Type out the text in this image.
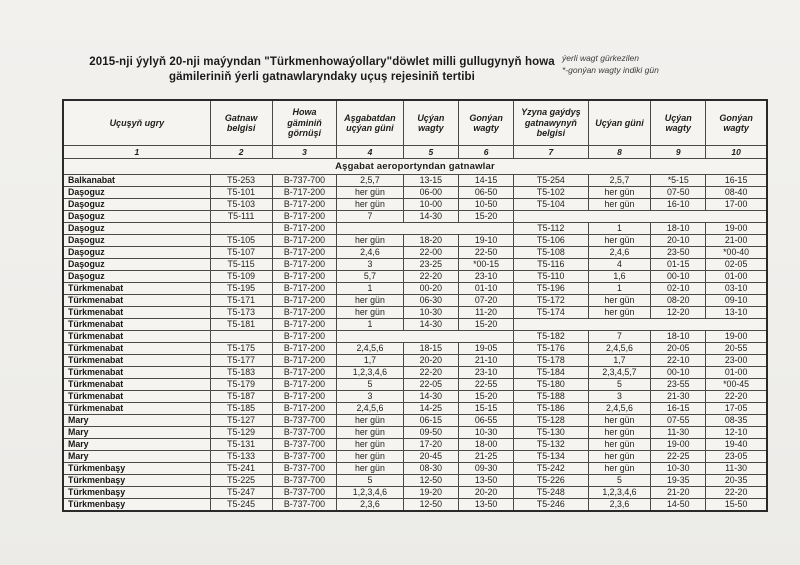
2015-nji ýylyň 20-nji maýyndan "Türkmenhowaýollary"döwlet milli gullugynyň howa
gämileriniň ýerli gatnawlaryndaky uçuş rejesiniň tertibi
ýerli wagt gürkezilen
*-gonýan wagty indiki gün
Uçuşyň ugry	Gatnaw belgisi	Howa gäminiň görnüşi	Aşgabatdan uçýan güni	Uçýan wagty	Gonýan wagty	Yzyna gaýdyş gatnawynyň belgisi	Uçýan güni	Uçýan wagty	Gonýan wagty
1	2	3	4	5	6	7	8	9	10
Aşgabat aeroportyndan gatnawlar									
Balkanabat	T5-253	B-737-700	2,5,7	13-15	14-15	T5-254	2,5,7	*5-15	16-15
Daşoguz	T5-101	B-717-200	her gün	06-00	06-50	T5-102	her gün	07-50	08-40
Daşoguz	T5-103	B-717-200	her gün	10-00	10-50	T5-104	her gün	16-10	17-00
Daşoguz	T5-111	B-717-200	7	14-30	15-20				
Daşoguz		B-717-200				T5-112	1	18-10	19-00
Daşoguz	T5-105	B-717-200	her gün	18-20	19-10	T5-106	her gün	20-10	21-00
Daşoguz	T5-107	B-717-200	2,4,6	22-00	22-50	T5-108	2,4,6	23-50	*00-40
Daşoguz	T5-115	B-717-200	3	23-25	*00-15	T5-116	4	01-15	02-05
Daşoguz	T5-109	B-717-200	5,7	22-20	23-10	T5-110	1,6	00-10	01-00
Türkmenabat	T5-195	B-717-200	1	00-20	01-10	T5-196	1	02-10	03-10
Türkmenabat	T5-171	B-717-200	her gün	06-30	07-20	T5-172	her gün	08-20	09-10
Türkmenabat	T5-173	B-717-200	her gün	10-30	11-20	T5-174	her gün	12-20	13-10
Türkmenabat	T5-181	B-717-200	1	14-30	15-20				
Türkmenabat		B-717-200				T5-182	7	18-10	19-00
Türkmenabat	T5-175	B-717-200	2,4,5,6	18-15	19-05	T5-176	2,4,5,6	20-05	20-55
Türkmenabat	T5-177	B-717-200	1,7	20-20	21-10	T5-178	1,7	22-10	23-00
Türkmenabat	T5-183	B-717-200	1,2,3,4,6	22-20	23-10	T5-184	2,3,4,5,7	00-10	01-00
Türkmenabat	T5-179	B-717-200	5	22-05	22-55	T5-180	5	23-55	*00-45
Türkmenabat	T5-187	B-717-200	3	14-30	15-20	T5-188	3	21-30	22-20
Türkmenabat	T5-185	B-717-200	2,4,5,6	14-25	15-15	T5-186	2,4,5,6	16-15	17-05
Mary	T5-127	B-737-700	her gün	06-15	06-55	T5-128	her gün	07-55	08-35
Mary	T5-129	B-737-700	her gün	09-50	10-30	T5-130	her gün	11-30	12-10
Mary	T5-131	B-737-700	her gün	17-20	18-00	T5-132	her gün	19-00	19-40
Mary	T5-133	B-737-700	her gün	20-45	21-25	T5-134	her gün	22-25	23-05
Türkmenbaşy	T5-241	B-737-700	her gün	08-30	09-30	T5-242	her gün	10-30	11-30
Türkmenbaşy	T5-225	B-737-700	5	12-50	13-50	T5-226	5	19-35	20-35
Türkmenbaşy	T5-247	B-737-700	1,2,3,4,6	19-20	20-20	T5-248	1,2,3,4,6	21-20	22-20
Türkmenbaşy	T5-245	B-737-700	2,3,6	12-50	13-50	T5-246	2,3,6	14-50	15-50
